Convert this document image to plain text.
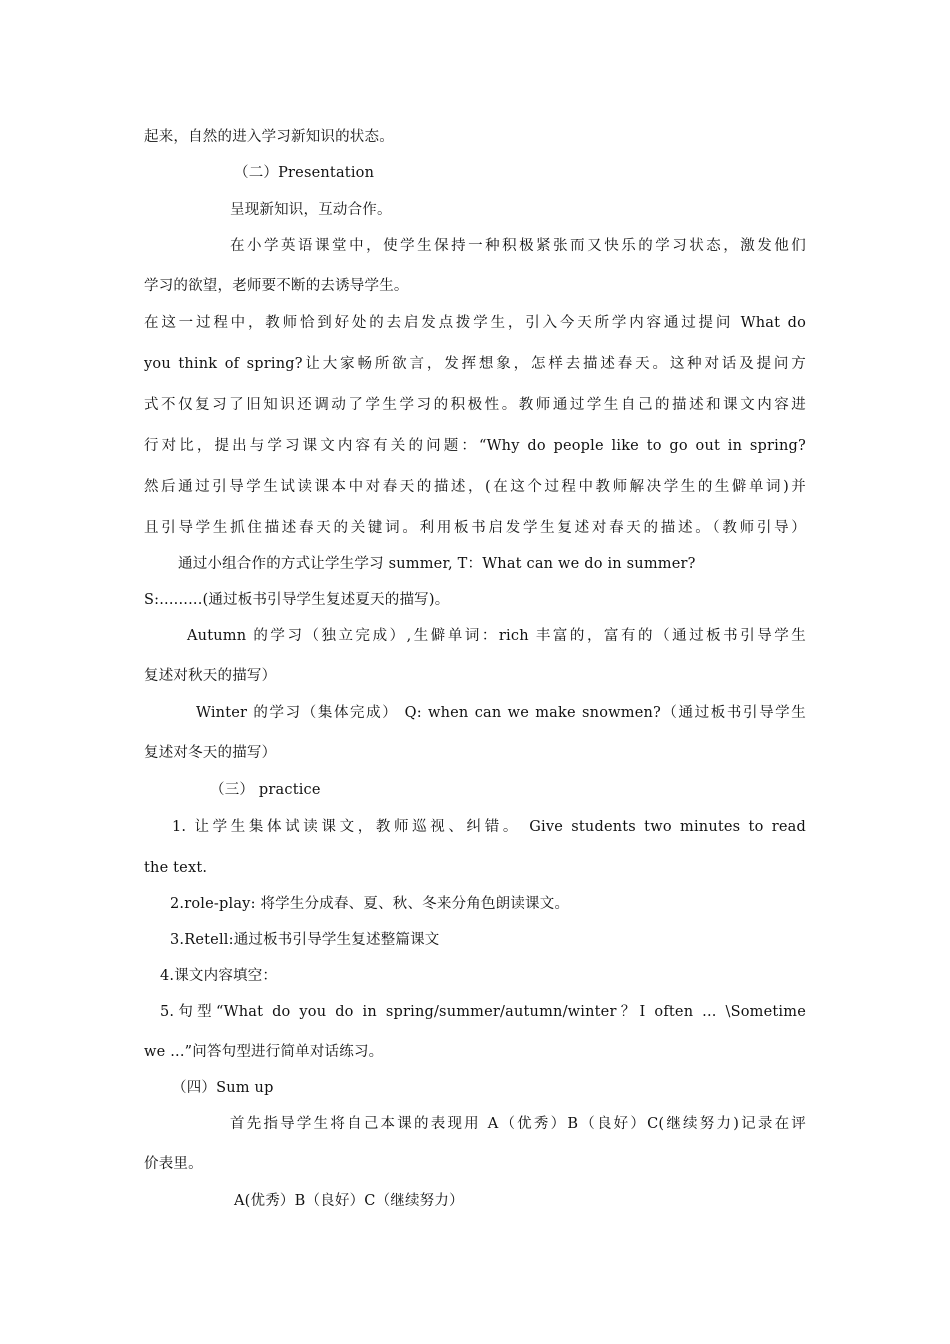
起来，自然的进入学习新知识的状态。
（二）Presentation
呈现新知识，互动合作。
在小学英语课堂中，使学生保持一种积极紧张而又快乐的学习状态，激发他们
学习的欲望，老师要不断的去诱导学生。
在这一过程中，教师恰到好处的去启发点拨学生，引入今天所学内容通过提问 What do
you think of spring?让大家畅所欲言，发挥想象，怎样去描述春天。这种对话及提问方
式不仅复习了旧知识还调动了学生学习的积极性。教师通过学生自己的描述和课文内容进
行对比，提出与学习课文内容有关的问题：“Why do people like to go out in spring?
然后通过引导学生试读课本中对春天的描述，(在这个过程中教师解决学生的生僻单词)并
且引导学生抓住描述春天的关键词。利用板书启发学生复述对春天的描述。（教师引导）
通过小组合作的方式让学生学习 summer, T：What can we do in summer?
S:.........(通过板书引导学生复述夏天的描写)。
Autumn 的学习（独立完成）,生僻单词：rich 丰富的，富有的（通过板书引导学生
复述对秋天的描写）
Winter 的学习（集体完成） Q: when can we make snowmen?（通过板书引导学生
复述对冬天的描写）
（三） practice
1. 让学生集体试读课文，教师巡视、纠错。 Give students two minutes to read
the text.
2.role-play: 将学生分成春、夏、秋、冬来分角色朗读课文。
3.Retell:通过板书引导学生复述整篇课文
4.课文内容填空：
5.句型“What do you do in spring/summer/autumn/winter？I often ... \Sometime
we ...”问答句型进行简单对话练习。
（四）Sum up
首先指导学生将自己本课的表现用 A（优秀）B（良好）C(继续努力)记录在评
价表里。
A(优秀）B（良好）C（继续努力）
